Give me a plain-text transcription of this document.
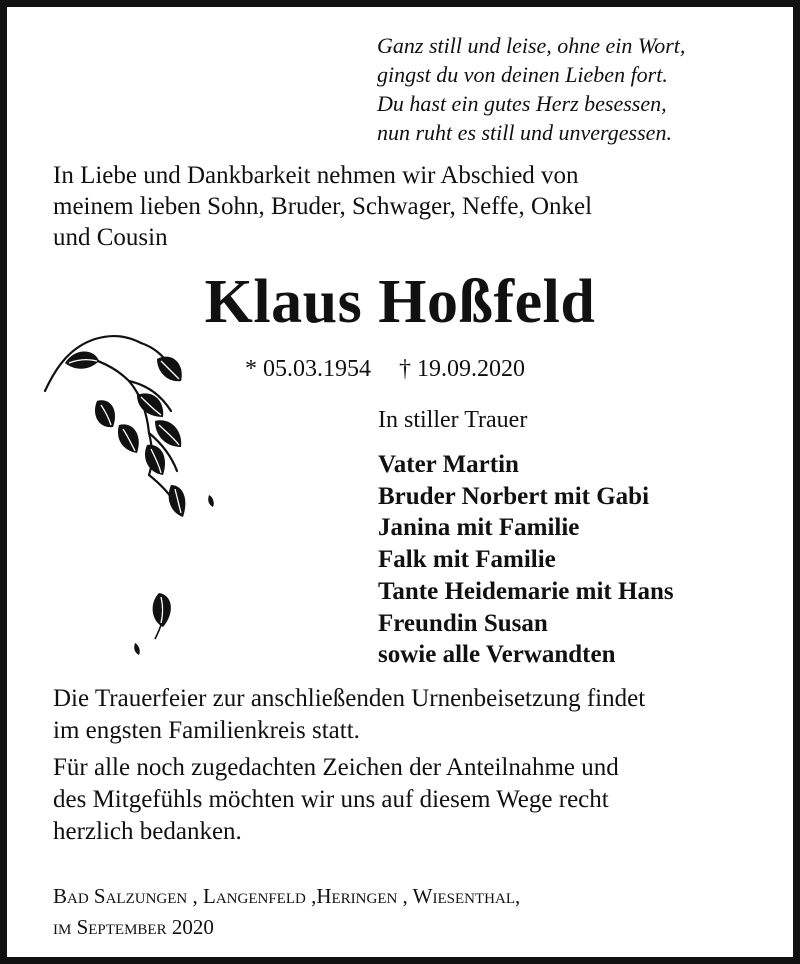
Ganz still und leise, ohne ein Wort,
gingst du von deinen Lieben fort.
Du hast ein gutes Herz besessen,
nun ruht es still und unvergessen.
In Liebe und Dankbarkeit nehmen wir Abschied von
meinem lieben Sohn, Bruder, Schwager, Neffe, Onkel
und Cousin
Klaus Hoßfeld
* 05.03.1954 † 19.09.2020
In stiller Trauer
Vater Martin
Bruder Norbert mit Gabi
Janina mit Familie
Falk mit Familie
Tante Heidemarie mit Hans
Freundin Susan
sowie alle Verwandten
Die Trauerfeier zur anschließenden Urnenbeisetzung findet
im engsten Familienkreis statt.
Für alle noch zugedachten Zeichen der Anteilnahme und
des Mitgefühls möchten wir uns auf diesem Wege recht
herzlich bedanken.
Bad Salzungen , Langenfeld ,Heringen , Wiesenthal,
im September 2020
